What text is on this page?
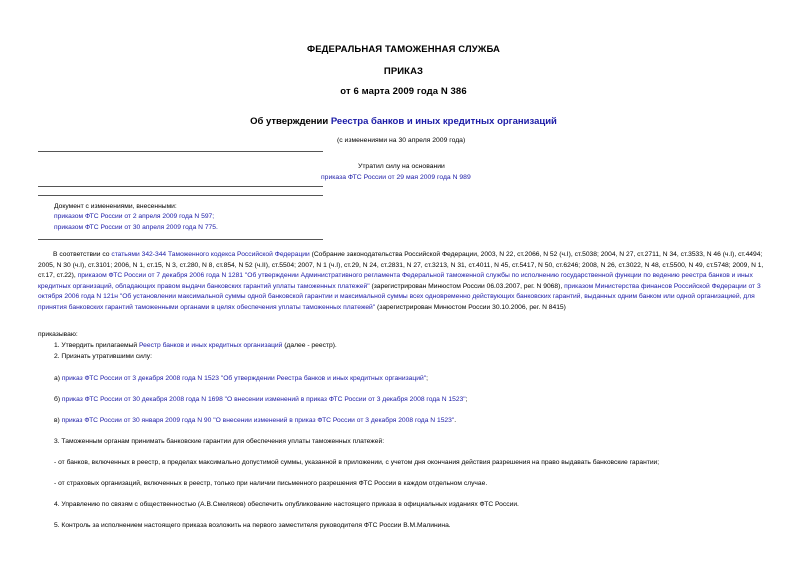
ФЕДЕРАЛЬНАЯ ТАМОЖЕННАЯ СЛУЖБА
ПРИКАЗ
от 6 марта 2009 года N 386
Об утверждении Реестра банков и иных кредитных организаций
(с изменениями на 30 апреля 2009 года)
Утратил силу на основании
приказа ФТС России от 29 мая 2009 года N 989
Документ с изменениями, внесенными:
приказом ФТС России от 2 апреля 2009 года N 597;
приказом ФТС России от 30 апреля 2009 года N 775.
В соответствии со статьями 342-344 Таможенного кодекса Российской Федерации (Собрание законодательства Российской Федерации, 2003, N 22, ст.2066, N 52 (ч.I), ст.5038; 2004, N 27, ст.2711, N 34, ст.3533, N 46 (ч.I), ст.4494; 2005, N 30 (ч.I), ст.3101; 2006, N 1, ст.15, N 3, ст.280, N 8, ст.854, N 52 (ч.II), ст.5504; 2007, N 1 (ч.I), ст.29, N 24, ст.2831, N 27, ст.3213, N 31, ст.4011, N 45, ст.5417, N 50, ст.6246; 2008, N 26, ст.3022, N 48, ст.5500, N 49, ст.5748; 2009, N 1, ст.17, ст.22), приказом ФТС России от 7 декабря 2006 года N 1281 "Об утверждении Административного регламента Федеральной таможенной службы по исполнению государственной функции по ведению реестра банков и иных кредитных организаций, обладающих правом выдачи банковских гарантий уплаты таможенных платежей" (зарегистрирован Минюстом России 06.03.2007, рег. N 9068), приказом Министерства финансов Российской Федерации от 3 октября 2006 года N 121н "Об установлении максимальной суммы одной банковской гарантии и максимальной суммы всех одновременно действующих банковских гарантий, выданных одним банком или одной организацией, для принятия банковских гарантий таможенными органами в целях обеспечения уплаты таможенных платежей" (зарегистрирован Минюстом России 30.10.2006, рег. N 8415)
приказываю:
1. Утвердить прилагаемый Реестр банков и иных кредитных организаций (далее - реестр).
2. Признать утратившими силу:
а) приказ ФТС России от 3 декабря 2008 года N 1523 "Об утверждении Реестра банков и иных кредитных организаций";
б) приказ ФТС России от 30 декабря 2008 года N 1698 "О внесении изменений в приказ ФТС России от 3 декабря 2008 года N 1523";
в) приказ ФТС России от 30 января 2009 года N 90 "О внесении изменений в приказ ФТС России от 3 декабря 2008 года N 1523".
3. Таможенным органам принимать банковские гарантии для обеспечения уплаты таможенных платежей:
- от банков, включенных в реестр, в пределах максимально допустимой суммы, указанной в приложении, с учетом дня окончания действия разрешения на право выдавать банковские гарантии;
- от страховых организаций, включенных в реестр, только при наличии письменного разрешения ФТС России в каждом отдельном случае.
4. Управлению по связям с общественностью (А.В.Смеляков) обеспечить опубликование настоящего приказа в официальных изданиях ФТС России.
5. Контроль за исполнением настоящего приказа возложить на первого заместителя руководителя ФТС России В.М.Малинина.
